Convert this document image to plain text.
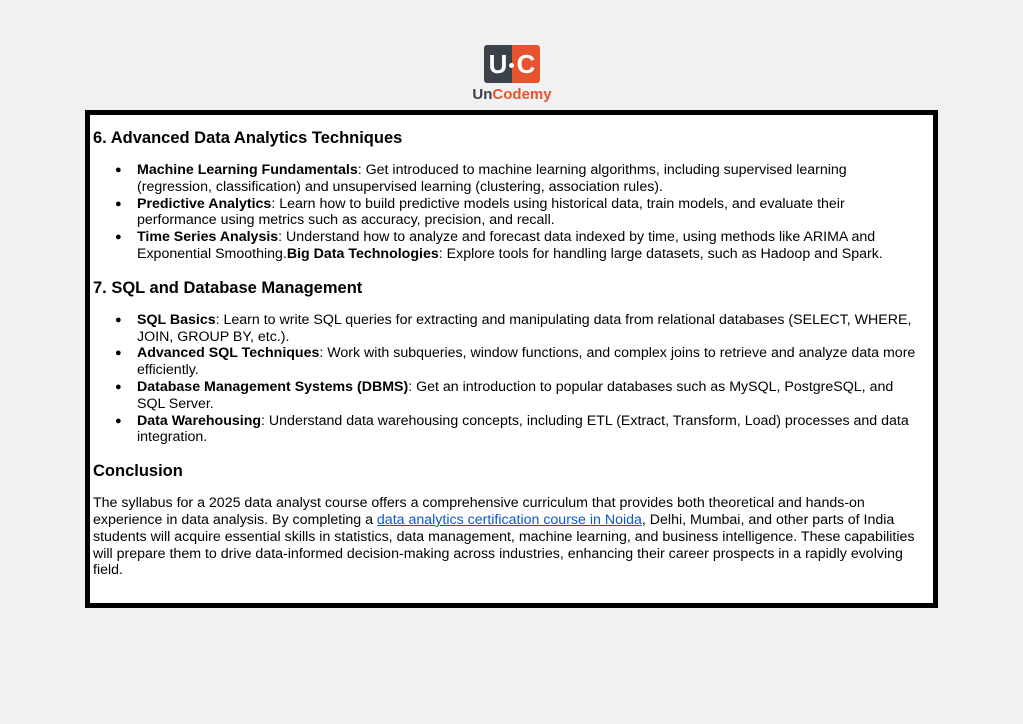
U C
UnCodemy
6. Advanced Data Analytics Techniques
● Machine Learning Fundamentals: Get introduced to machine learning algorithms, including supervised learning (regression, classification) and unsupervised learning (clustering, association rules).
● Predictive Analytics: Learn how to build predictive models using historical data, train models, and evaluate their performance using metrics such as accuracy, precision, and recall.
● Time Series Analysis: Understand how to analyze and forecast data indexed by time, using methods like ARIMA and Exponential Smoothing.Big Data Technologies: Explore tools for handling large datasets, such as Hadoop and Spark.
7. SQL and Database Management
● SQL Basics: Learn to write SQL queries for extracting and manipulating data from relational databases (SELECT, WHERE, JOIN, GROUP BY, etc.).
● Advanced SQL Techniques: Work with subqueries, window functions, and complex joins to retrieve and analyze data more efficiently.
● Database Management Systems (DBMS): Get an introduction to popular databases such as MySQL, PostgreSQL, and SQL Server.
● Data Warehousing: Understand data warehousing concepts, including ETL (Extract, Transform, Load) processes and data integration.
Conclusion
The syllabus for a 2025 data analyst course offers a comprehensive curriculum that provides both theoretical and hands-on experience in data analysis. By completing a data analytics certification course in Noida, Delhi, Mumbai, and other parts of India students will acquire essential skills in statistics, data management, machine learning, and business intelligence. These capabilities will prepare them to drive data-informed decision-making across industries, enhancing their career prospects in a rapidly evolving field.
